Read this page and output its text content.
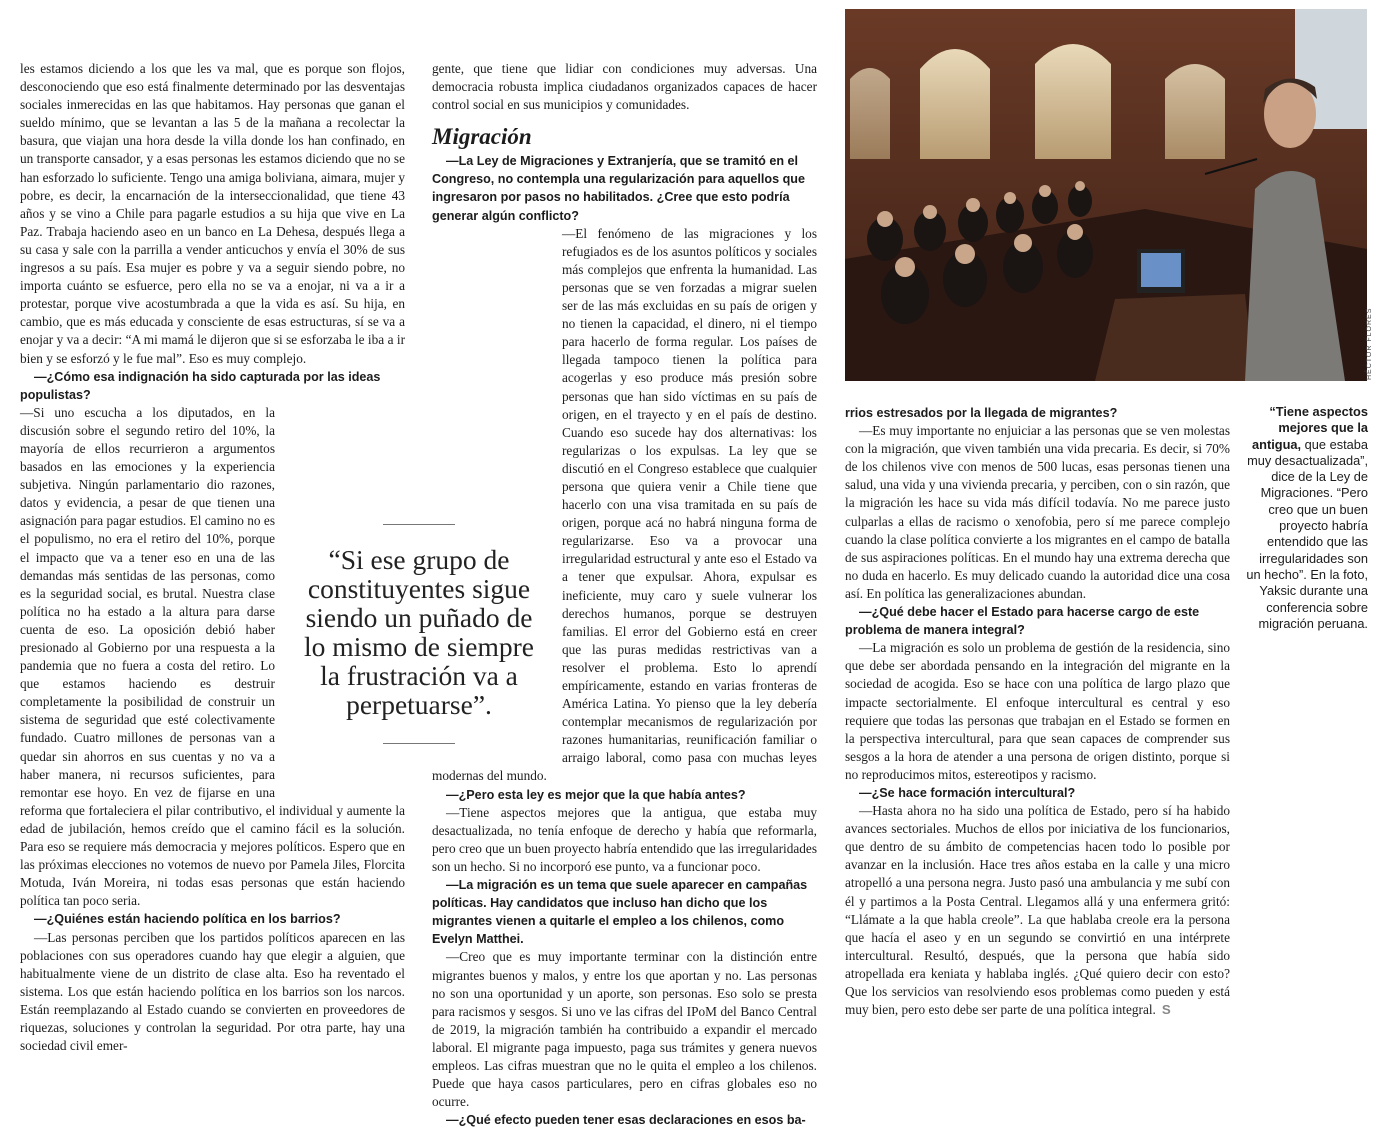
les estamos diciendo a los que les va mal, que es porque son flojos, desconociendo que eso está finalmente determinado por las desventajas sociales inmerecidas en las que habitamos. Hay personas que ganan el sueldo mínimo, que se levantan a las 5 de la mañana a recolectar la basura, que viajan una hora desde la villa donde los han confinado, en un transporte cansador, y a esas personas les estamos diciendo que no se han esforzado lo suficiente. Tengo una amiga boliviana, aimara, mujer y pobre, es decir, la encarnación de la interseccionalidad, que tiene 43 años y se vino a Chile para pagarle estudios a su hija que vive en La Paz. Trabaja haciendo aseo en un banco en La Dehesa, después llega a su casa y sale con la parrilla a vender anticuchos y envía el 30% de sus ingresos a su país. Esa mujer es pobre y va a seguir siendo pobre, no importa cuánto se esfuerce, pero ella no se va a enojar, ni va a ir a protestar, porque vive acostumbrada a que la vida es así. Su hija, en cambio, que es más educada y consciente de esas estructuras, sí se va a enojar y va a decir: “A mi mamá le dijeron que si se esforzaba le iba a ir bien y se esforzó y le fue mal”. Eso es muy complejo.

—¿Cómo esa indignación ha sido capturada por las ideas populistas?

—Si uno escucha a los diputados, en la discusión sobre el segundo retiro del 10%, la mayoría de ellos recurrieron a argumentos basados en las emociones y la experiencia subjetiva. Ningún parlamentario dio razones, datos y evidencia, a pesar de que tienen una asignación para pagar estudios. El camino no es el populismo, no era el retiro del 10%, porque el impacto que va a tener eso en una de las demandas más sentidas de las personas, como es la seguridad social, es brutal. Nuestra clase política no ha estado a la altura para darse cuenta de eso. La oposición debió haber presionado al Gobierno por una respuesta a la pandemia que no fuera a costa del retiro. Lo que estamos haciendo es destruir completamente la posibilidad de construir un sistema de seguridad que esté colectivamente fundado. Cuatro millones de personas van a quedar sin ahorros en sus cuentas y no va a haber manera, ni recursos suficientes, para remontar ese hoyo. En vez de fijarse en una reforma que fortaleciera el pilar contributivo, el individual y aumente la edad de jubilación, hemos creído que el camino fácil es la solución. Para eso se requiere más democracia y mejores políticos. Espero que en las próximas elecciones no votemos de nuevo por Pamela Jiles, Florcita Motuda, Iván Moreira, ni todas esas personas que están haciendo política tan poco seria.

—¿Quiénes están haciendo política en los barrios?

—Las personas perciben que los partidos políticos aparecen en las poblaciones con sus operadores cuando hay que elegir a alguien, que habitualmente viene de un distrito de clase alta. Eso ha reventado el sistema. Los que están haciendo política en los barrios son los narcos. Están reemplazando al Estado cuando se convierten en proveedores de riquezas, soluciones y controlan la seguridad. Por otra parte, hay una sociedad civil emer-

gente, que tiene que lidiar con condiciones muy adversas. Una democracia robusta implica ciudadanos organizados capaces de hacer control social en sus municipios y comunidades.

Migración

—La Ley de Migraciones y Extranjería, que se tramitó en el Congreso, no contempla una regularización para aquellos que ingresaron por pasos no habilitados. ¿Cree que esto podría generar algún conflicto?

—El fenómeno de las migraciones y los refugiados es de los asuntos políticos y sociales más complejos que enfrenta la humanidad. Las personas que se ven forzadas a migrar suelen ser de las más excluidas en su país de origen y no tienen la capacidad, el dinero, ni el tiempo para hacerlo de forma regular. Los países de llegada tampoco tienen la política para acogerlas y eso produce más presión sobre personas que han sido víctimas en su país de origen, en el trayecto y en el país de destino. Cuando eso sucede hay dos alternativas: los regularizas o los expulsas. La ley que se discutió en el Congreso establece que cualquier persona que quiera venir a Chile tiene que hacerlo con una visa tramitada en su país de origen, porque acá no habrá ninguna forma de regularizarse. Eso va a provocar una irregularidad estructural y ante eso el Estado va a tener que expulsar. Ahora, expulsar es ineficiente, muy caro y suele vulnerar los derechos humanos, porque se destruyen familias. El error del Gobierno está en creer que las puras medidas restrictivas van a resolver el problema. Esto lo aprendí empíricamente, estando en varias fronteras de América Latina. Yo pienso que la ley debería contemplar mecanismos de regularización por razones humanitarias, reunificación familiar o arraigo laboral, como pasa con muchas leyes modernas del mundo.

—¿Pero esta ley es mejor que la que había antes?

—Tiene aspectos mejores que la antigua, que estaba muy desactualizada, no tenía enfoque de derecho y había que reformarla, pero creo que un buen proyecto habría entendido que las irregularidades son un hecho. Si no incorporó ese punto, va a funcionar poco.

—La migración es un tema que suele aparecer en campañas políticas. Hay candidatos que incluso han dicho que los migrantes vienen a quitarle el empleo a los chilenos, como Evelyn Matthei.

—Creo que es muy importante terminar con la distinción entre migrantes buenos y malos, y entre los que aportan y no. Las personas no son una oportunidad y un aporte, son personas. Eso solo se presta para racismos y sesgos. Si uno ve las cifras del IPoM del Banco Central de 2019, la migración también ha contribuido a expandir el mercado laboral. El migrante paga impuesto, paga sus trámites y genera nuevos empleos. Las cifras muestran que no le quita el empleo a los chilenos. Puede que haya casos particulares, pero en cifras globales eso no ocurre.

—¿Qué efecto pueden tener esas declaraciones en esos ba-

“Si ese grupo de constituyentes sigue siendo un puñado de lo mismo de siempre la frustración va a perpetuarse”.
HÉCTOR FLORES
“Tiene aspectos mejores que la antigua, que estaba muy desactualizada”, dice de la Ley de Migraciones. “Pero creo que un buen proyecto habría entendido que las irregularidades son un hecho”. En la foto, Yaksic durante una conferencia sobre migración peruana.

rrios estresados por la llegada de migrantes?

—Es muy importante no enjuiciar a las personas que se ven molestas con la migración, que viven también una vida precaria. Es decir, si 70% de los chilenos vive con menos de 500 lucas, esas personas tienen una salud, una vida y una vivienda precaria, y perciben, con o sin razón, que la migración les hace su vida más difícil todavía. No me parece justo culparlas a ellas de racismo o xenofobia, pero sí me parece complejo cuando la clase política convierte a los migrantes en el campo de batalla de sus aspiraciones políticas. En el mundo hay una extrema derecha que no duda en hacerlo. Es muy delicado cuando la autoridad dice una cosa así. En política las generalizaciones abundan.

—¿Qué debe hacer el Estado para hacerse cargo de este problema de manera integral?

—La migración es solo un problema de gestión de la residencia, sino que debe ser abordada pensando en la integración del migrante en la sociedad de acogida. Eso se hace con una política de largo plazo que impacte sectorialmente. El enfoque intercultural es central y eso requiere que todas las personas que trabajan en el Estado se formen en la perspectiva intercultural, para que sean capaces de comprender sus sesgos a la hora de atender a una persona de origen distinto, porque si no reproducimos mitos, estereotipos y racismo.

—¿Se hace formación intercultural?

—Hasta ahora no ha sido una política de Estado, pero sí ha habido avances sectoriales. Muchos de ellos por iniciativa de los funcionarios, que dentro de su ámbito de competencias hacen todo lo posible por avanzar en la inclusión. Hace tres años estaba en la calle y una micro atropelló a una persona negra. Justo pasó una ambulancia y me subí con él y partimos a la Posta Central. Llegamos allá y una enfermera gritó: “Llámate a la que habla creole”. La que hablaba creole era la persona que hacía el aseo y en un segundo se convirtió en una intérprete intercultural. Resultó, después, que la persona que había sido atropellada era keniata y hablaba inglés. ¿Qué quiero decir con esto? Que los servicios van resolviendo esos problemas como pueden y está muy bien, pero esto debe ser parte de una política integral. S
